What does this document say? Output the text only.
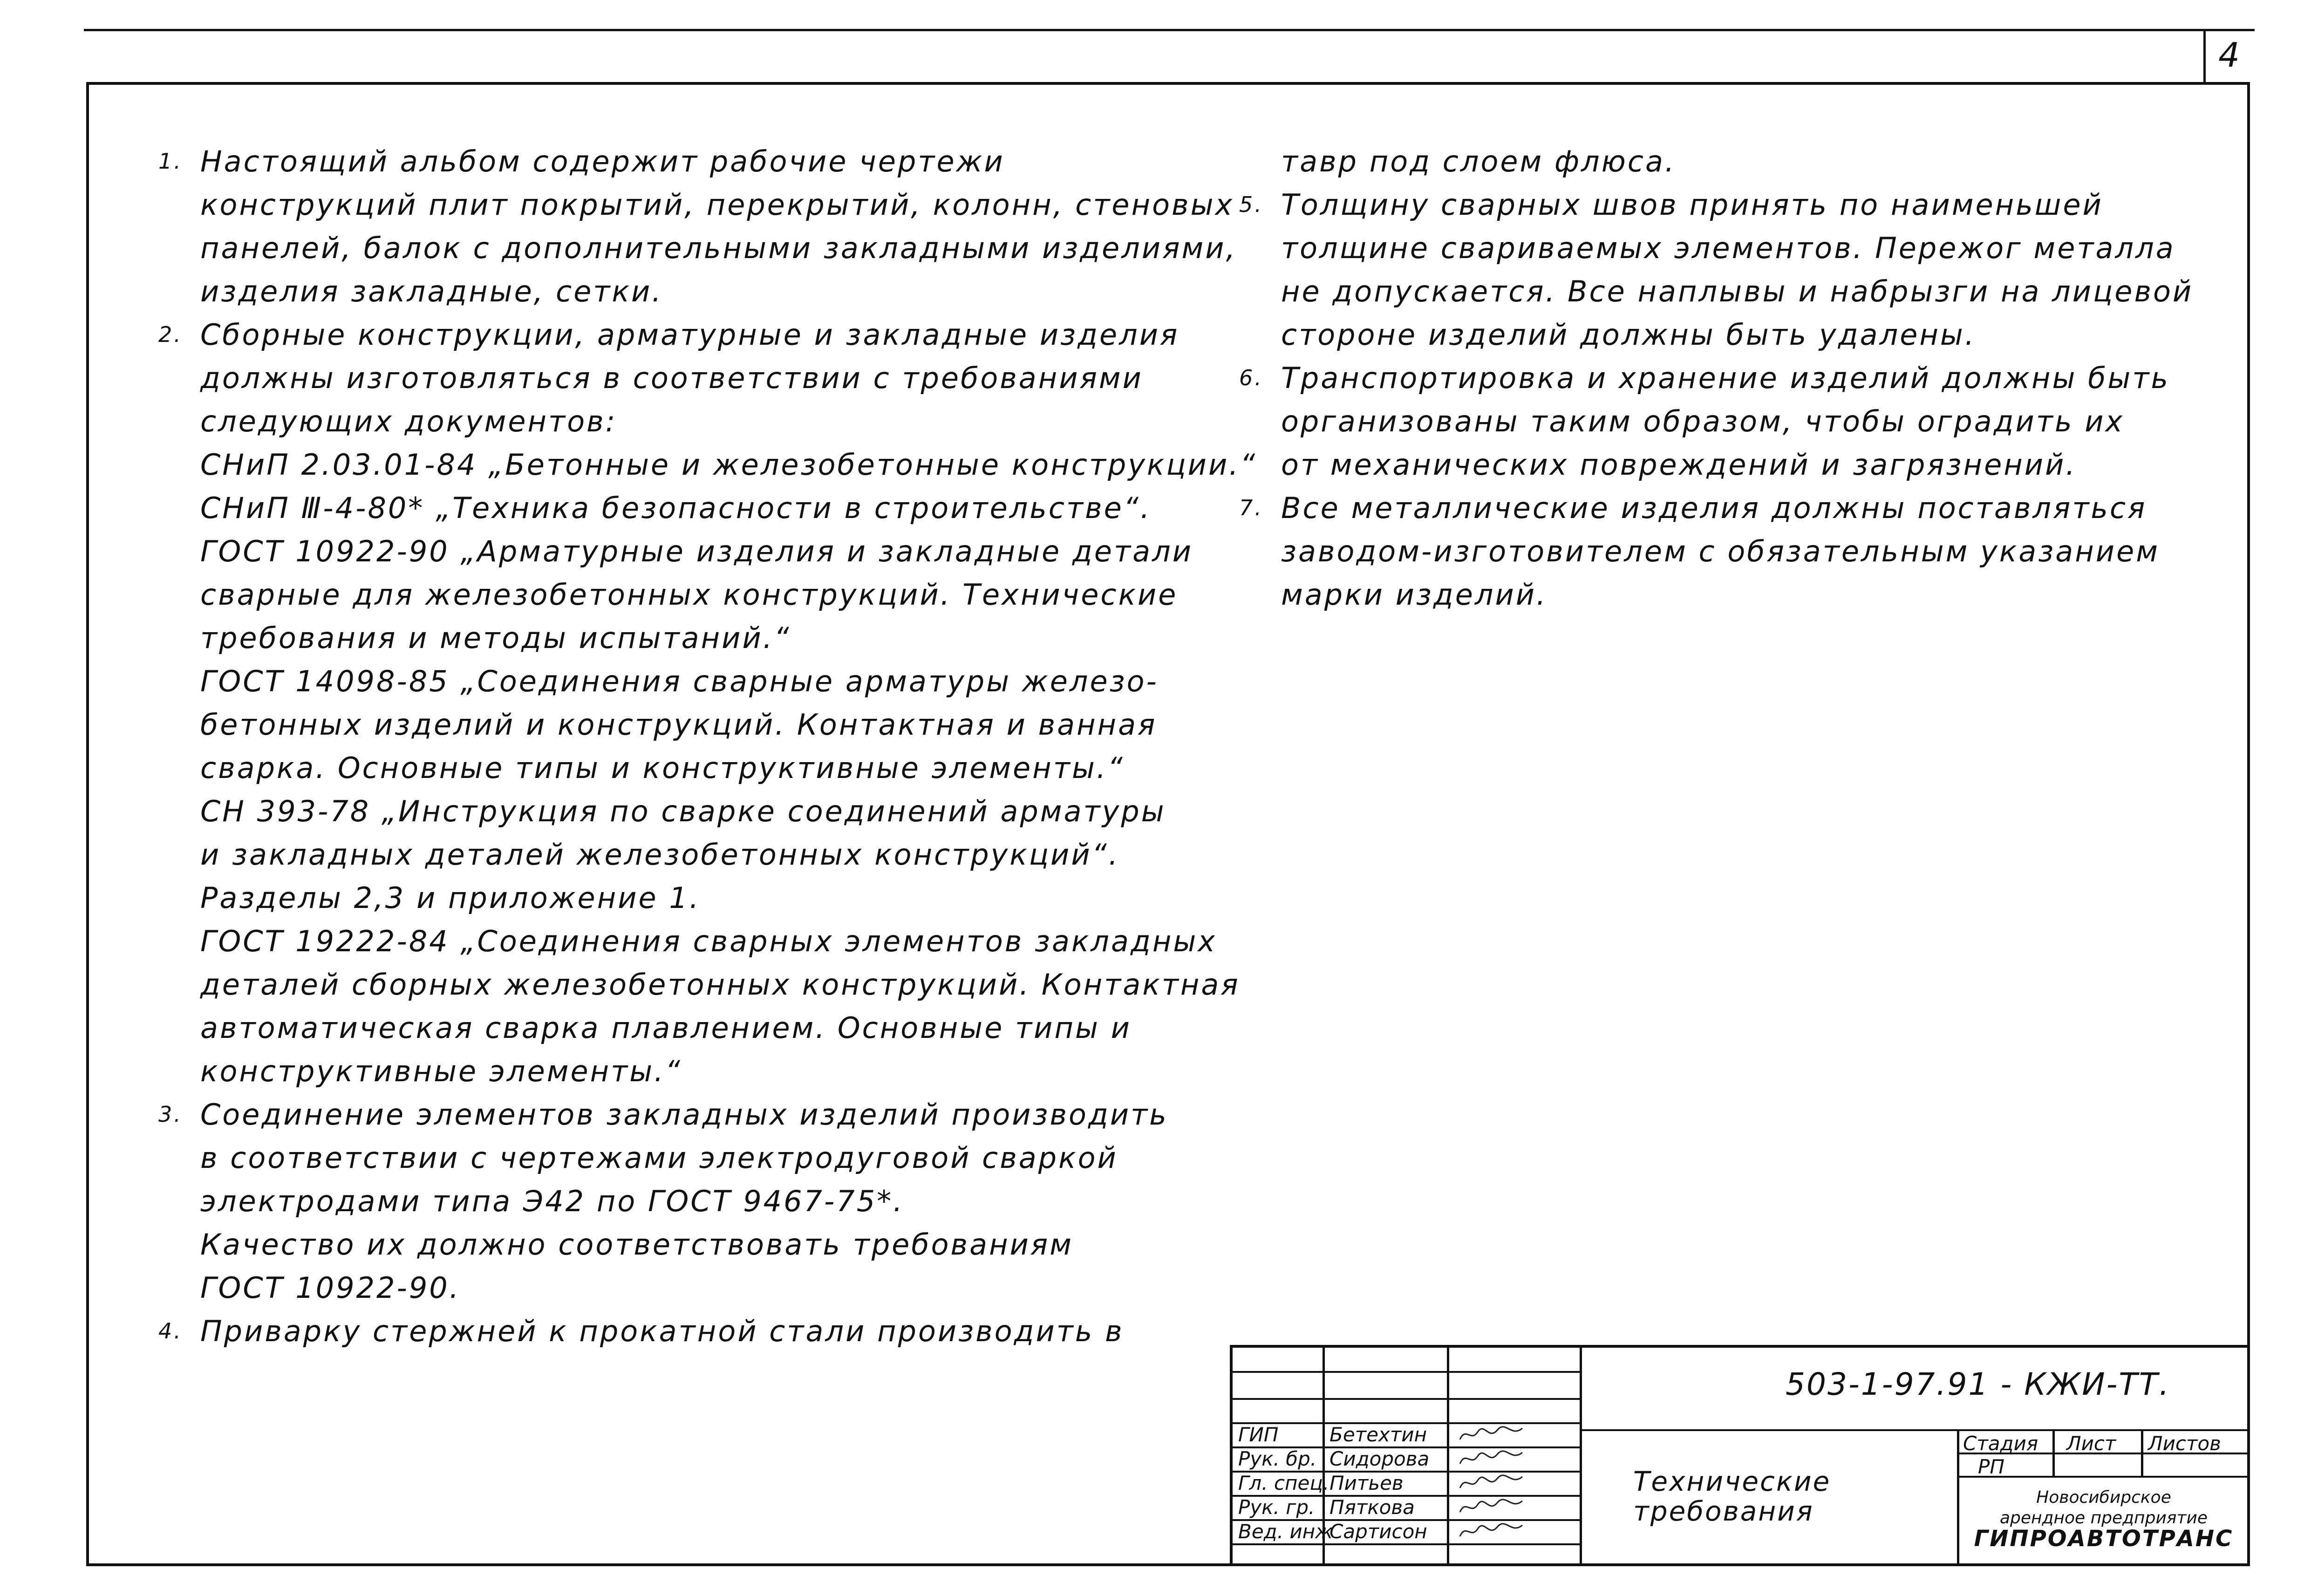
4
1. Настоящий альбом содержит рабочие чертежи
конструкций плит покрытий, перекрытий, колонн, стеновых
панелей, балок с дополнительными закладными изделиями,
изделия закладные, сетки.
2. Сборные конструкции, арматурные и закладные изделия
должны изготовляться в соответствии с требованиями
следующих документов:
СНиП 2.03.01-84 „Бетонные и железобетонные конструкции.“
СНиП Ⅲ-4-80* „Техника безопасности в строительстве“.
ГОСТ 10922-90 „Арматурные изделия и закладные детали
сварные для железобетонных конструкций. Технические
требования и методы испытаний.“
ГОСТ 14098-85 „Соединения сварные арматуры железо-
бетонных изделий и конструкций. Контактная и ванная
сварка. Основные типы и конструктивные элементы.“
СН 393-78 „Инструкция по сварке соединений арматуры
и закладных деталей железобетонных конструкций“.
Разделы 2,3 и приложение 1.
ГОСТ 19222-84 „Соединения сварных элементов закладных
деталей сборных железобетонных конструкций. Контактная
автоматическая сварка плавлением. Основные типы и
конструктивные элементы.“
3. Соединение элементов закладных изделий производить
в соответствии с чертежами электродуговой сваркой
электродами типа Э42 по ГОСТ 9467-75*.
Качество их должно соответствовать требованиям
ГОСТ 10922-90.
4. Приварку стержней к прокатной стали производить в
тавр под слоем флюса.
5. Толщину сварных швов принять по наименьшей
толщине свариваемых элементов. Пережог металла
не допускается. Все наплывы и набрызги на лицевой
стороне изделий должны быть удалены.
6. Транспортировка и хранение изделий должны быть
организованы таким образом, чтобы оградить их
от механических повреждений и загрязнений.
7. Все металлические изделия должны поставляться
заводом-изготовителем с обязательным указанием
марки изделий.
503-1-97.91 - КЖИ-ТТ.
ГИП	Бетехтин
Рук. бр. Сидорова
Гл. спец. Питьев
Рук. гр. Пяткова
Вед. инж
Сартисон
Технические
требования
Стадия Лист Листов
РП
Новосибирское
арендное предприятие
ГИПРОАВТОТРАНС
